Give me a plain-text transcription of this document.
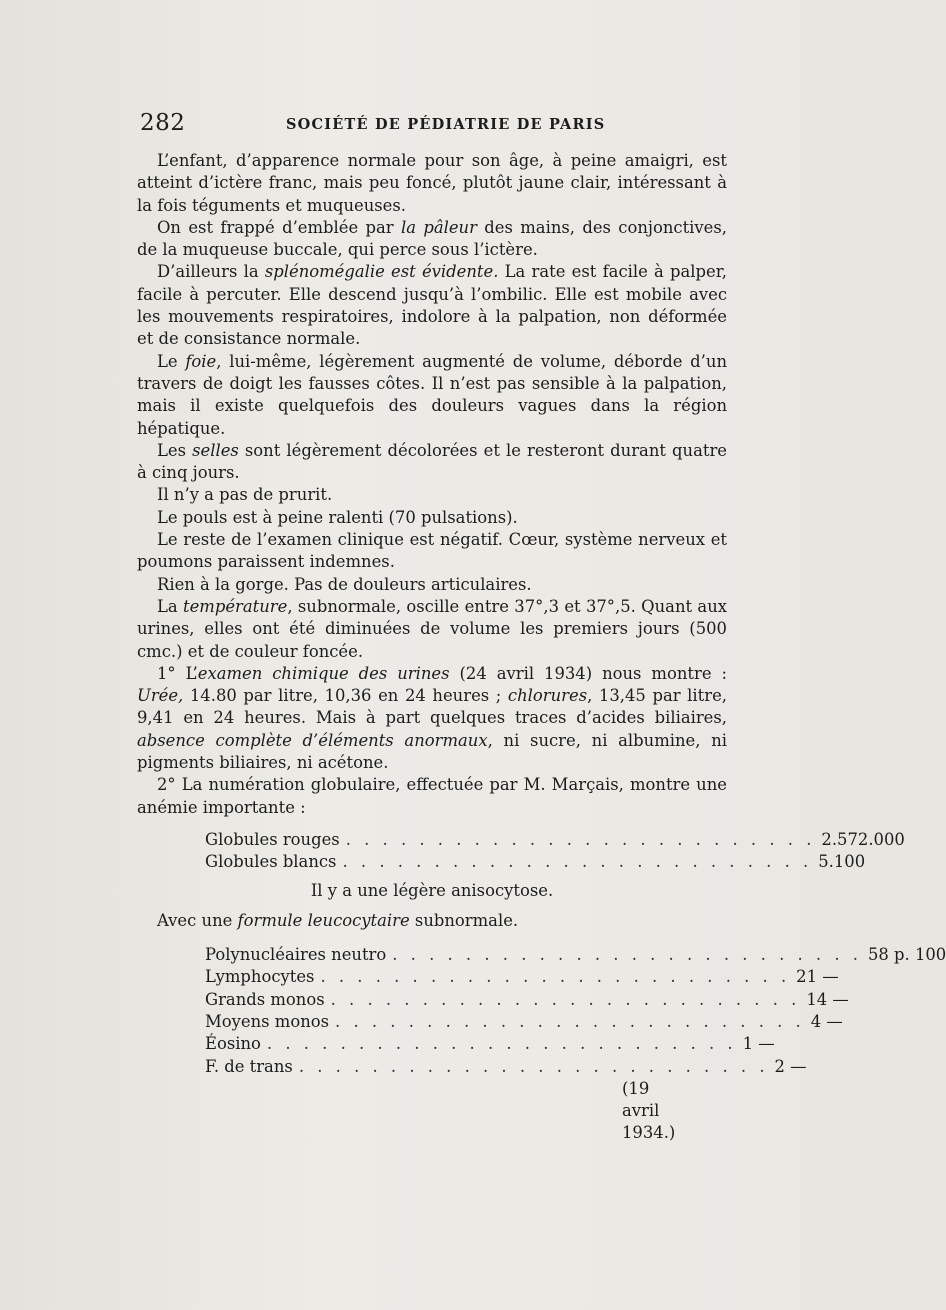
282	SOCIÉTÉ DE PÉDIATRIE DE PARIS

L’enfant, d’apparence normale pour son âge, à peine amaigri, est atteint d’ictère franc, mais peu foncé, plutôt jaune clair, intéressant à la fois téguments et muqueuses.

On est frappé d’emblée par la pâleur des mains, des conjonctives, de la muqueuse buccale, qui perce sous l’ictère.

D’ailleurs la splénomégalie est évidente. La rate est facile à palper, facile à percuter. Elle descend jusqu’à l’ombilic. Elle est mobile avec les mouvements respiratoires, indolore à la palpation, non déformée et de consistance normale.

Le foie, lui-même, légèrement augmenté de volume, déborde d’un travers de doigt les fausses côtes. Il n’est pas sensible à la palpation, mais il existe quelquefois des douleurs vagues dans la région hépatique.

Les selles sont légèrement décolorées et le resteront durant quatre à cinq jours.

Il n’y a pas de prurit.

Le pouls est à peine ralenti (70 pulsations).

Le reste de l’examen clinique est négatif. Cœur, système nerveux et poumons paraissent indemnes.

Rien à la gorge. Pas de douleurs articulaires.

La température, subnormale, oscille entre 37°,3 et 37°,5. Quant aux urines, elles ont été diminuées de volume les premiers jours (500 cmc.) et de couleur foncée.

1° L’examen chimique des urines (24 avril 1934) nous montre : Urée, 14.80 par litre, 10,36 en 24 heures ; chlorures, 13,45 par litre, 9,41 en 24 heures. Mais à part quelques traces d’acides biliaires, absence complète d’éléments anormaux, ni sucre, ni albumine, ni pigments biliaires, ni acétone.

2° La numération globulaire, effectuée par M. Marçais, montre une anémie importante :

Globules rouges . . . . . . . . . . . . . . . . . . . . . . . . . . 2.572.000
Globules blancs . . . . . . . . . . . . . . . . . . . . . . . . . . 5.100

Il y a une légère anisocytose.

Avec une formule leucocytaire subnormale.

Polynucléaires neutro . . . . . . . . . . . . . . . . . . . . . . . . . . 58 p. 100
Lymphocytes . . . . . . . . . . . . . . . . . . . . . . . . . . 21 —
Grands monos . . . . . . . . . . . . . . . . . . . . . . . . . . 14 —
Moyens monos . . . . . . . . . . . . . . . . . . . . . . . . . . 4 —
Éosino . . . . . . . . . . . . . . . . . . . . . . . . . . 1 —
F. de trans . . . . . . . . . . . . . . . . . . . . . . . . . . 2 —
(19 avril 1934.)
